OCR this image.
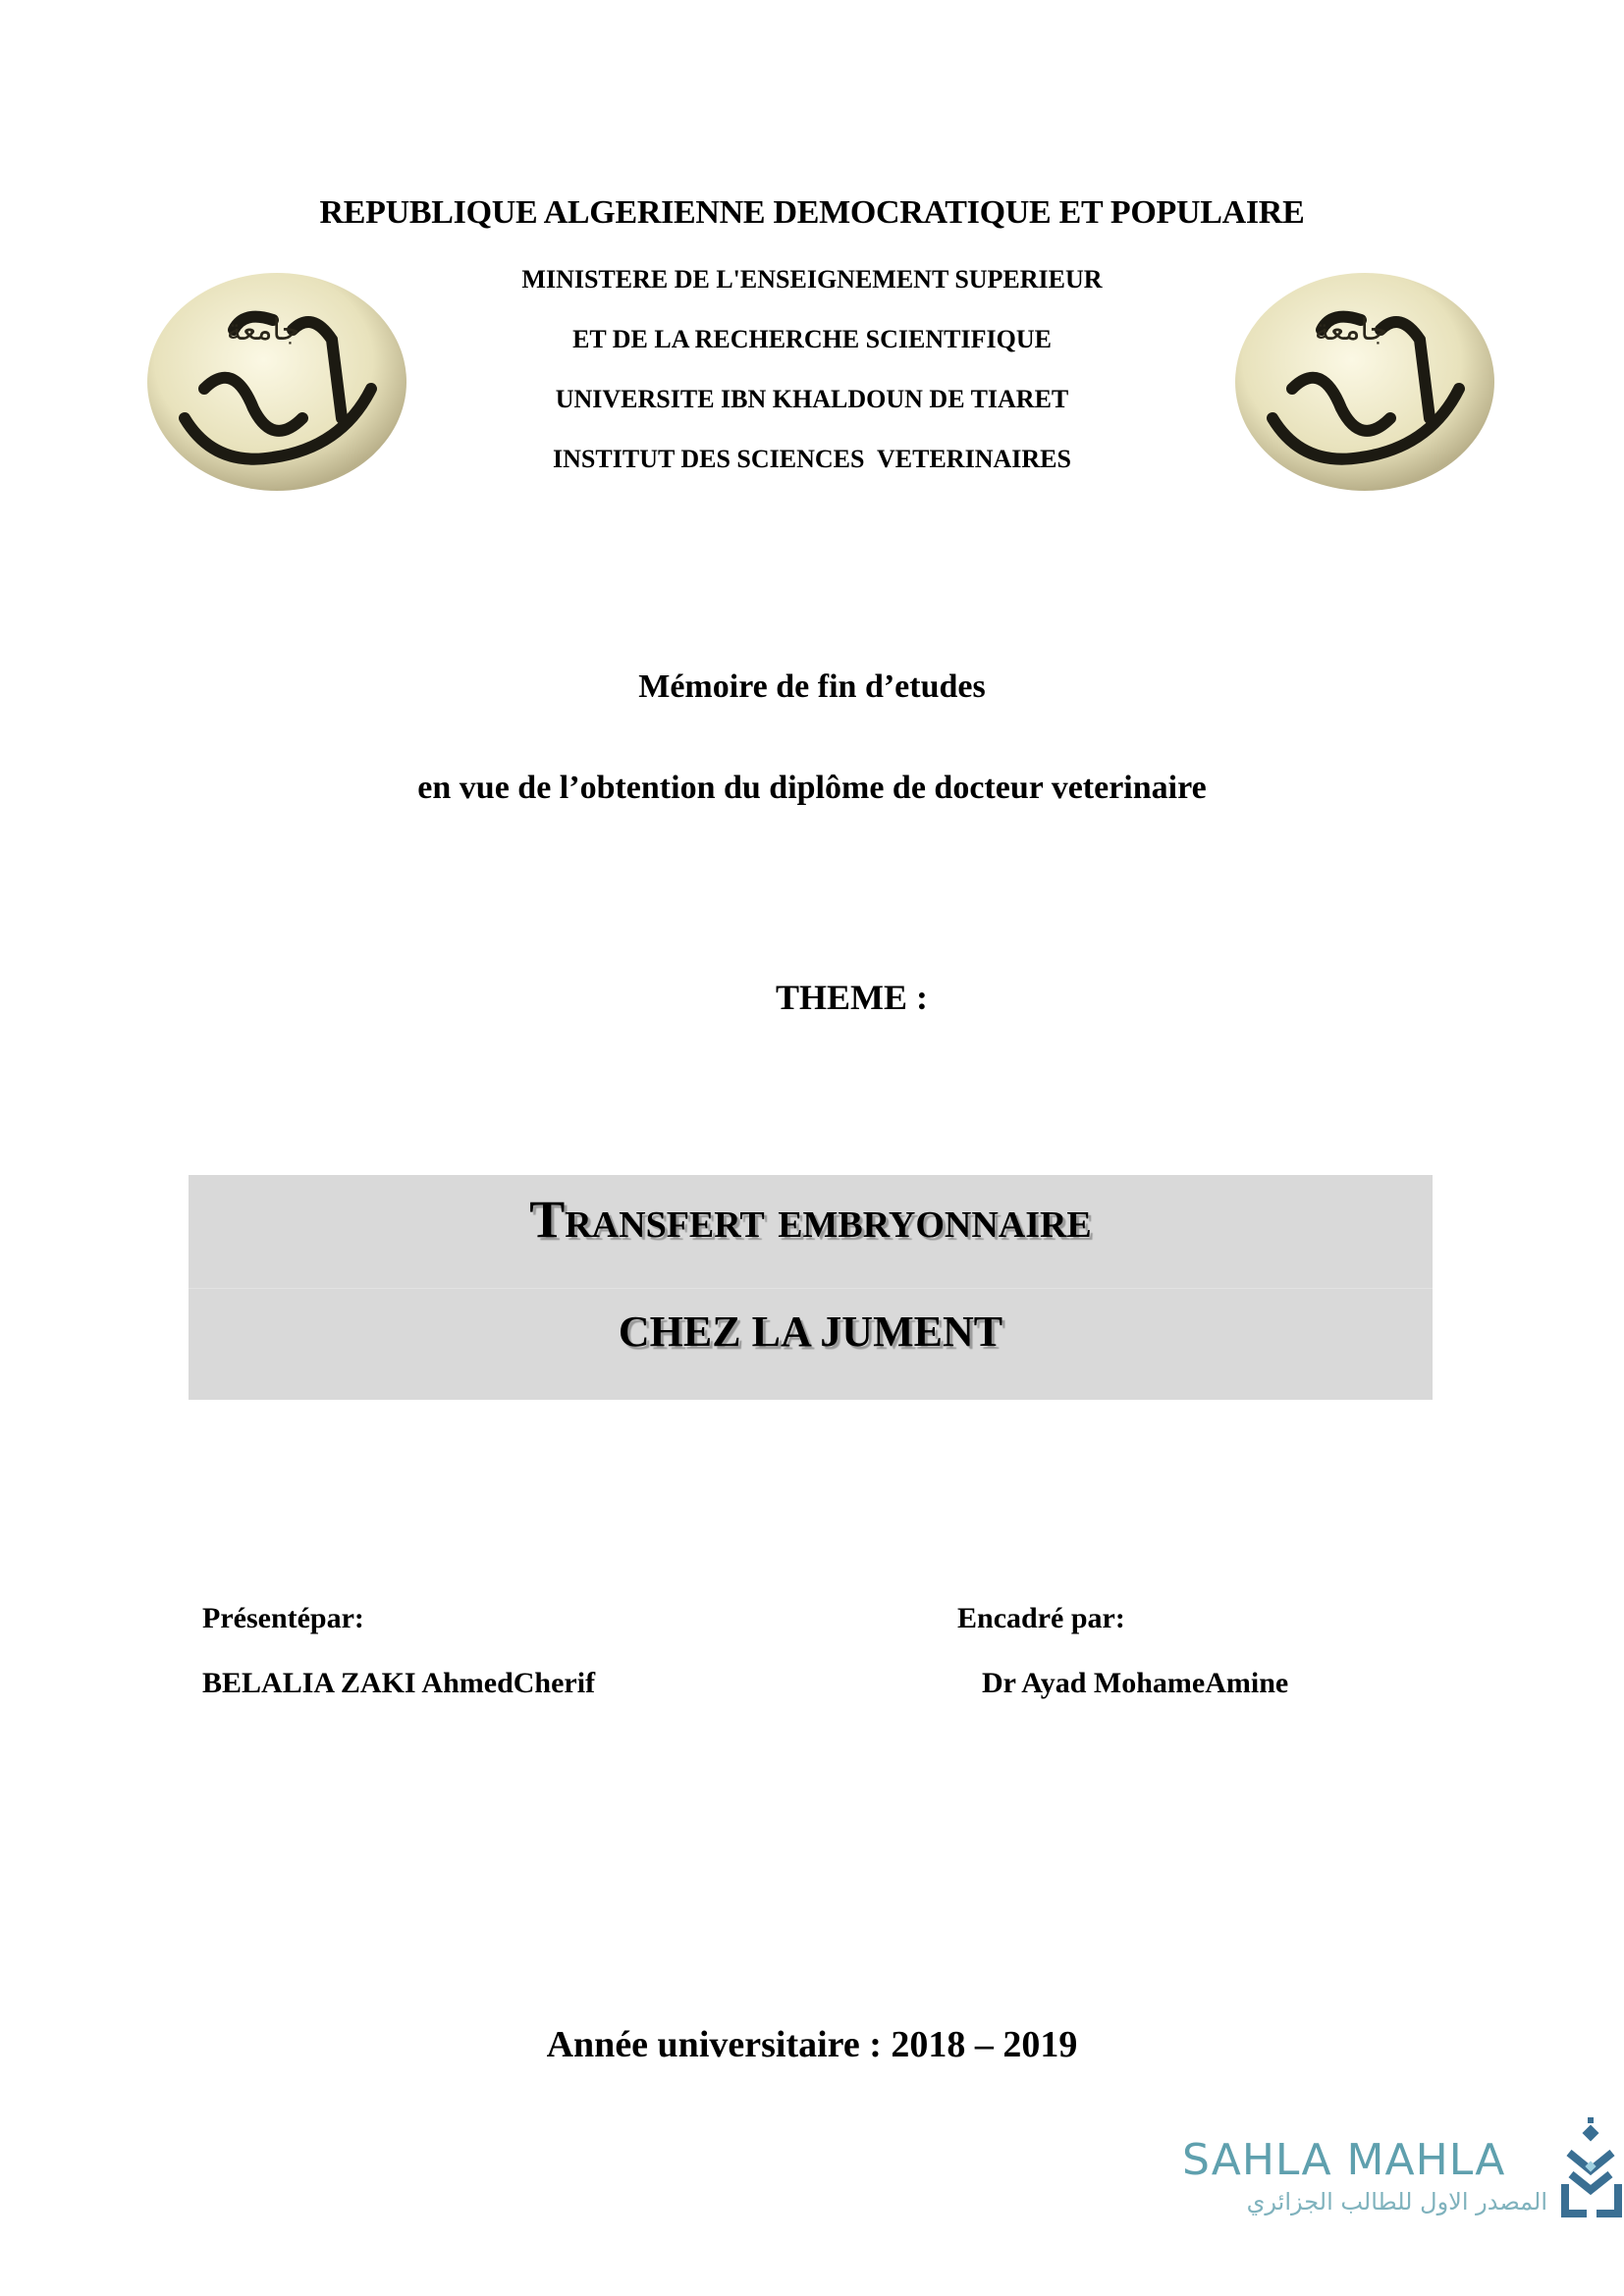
REPUBLIQUE ALGERIENNE DEMOCRATIQUE ET POPULAIRE
MINISTERE DE L'ENSEIGNEMENT SUPERIEUR
ET DE LA RECHERCHE SCIENTIFIQUE
UNIVERSITE IBN KHALDOUN DE TIARET
INSTITUT DES SCIENCES  VETERINAIRES
جامعة	جامعة
Mémoire de fin d’etudes
en vue de l’obtention du diplôme de docteur veterinaire
THEME :
Transfert embryonnaire
CHEZ LA JUMENT
Présentépar:
BELALIA ZAKI AhmedCherif
Encadré par:
Dr Ayad MohameAmine
Année universitaire : 2018 – 2019
SAHLA MAHLA
المصدر الاول للطالب الجزائري
